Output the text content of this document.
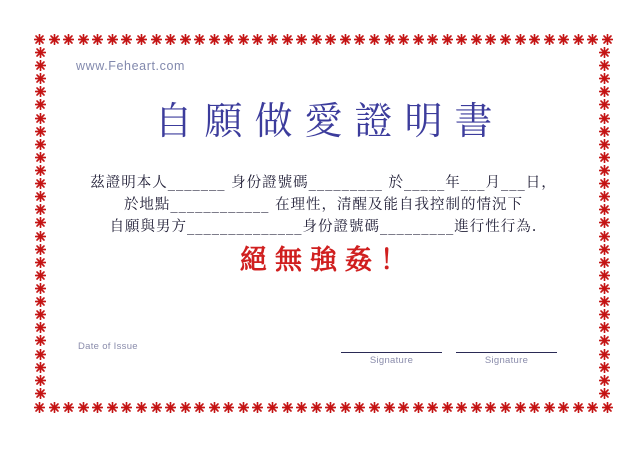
www.Feheart.com
自願做愛證明書
茲證明本人_______ 身份證號碼_________ 於_____年___月___日，
於地點____________ 在理性，清醒及能自我控制的情況下
自願與男方______________身份證號碼_________進行性行為.
絕無強姦！
Date of Issue
Signature	Signature
